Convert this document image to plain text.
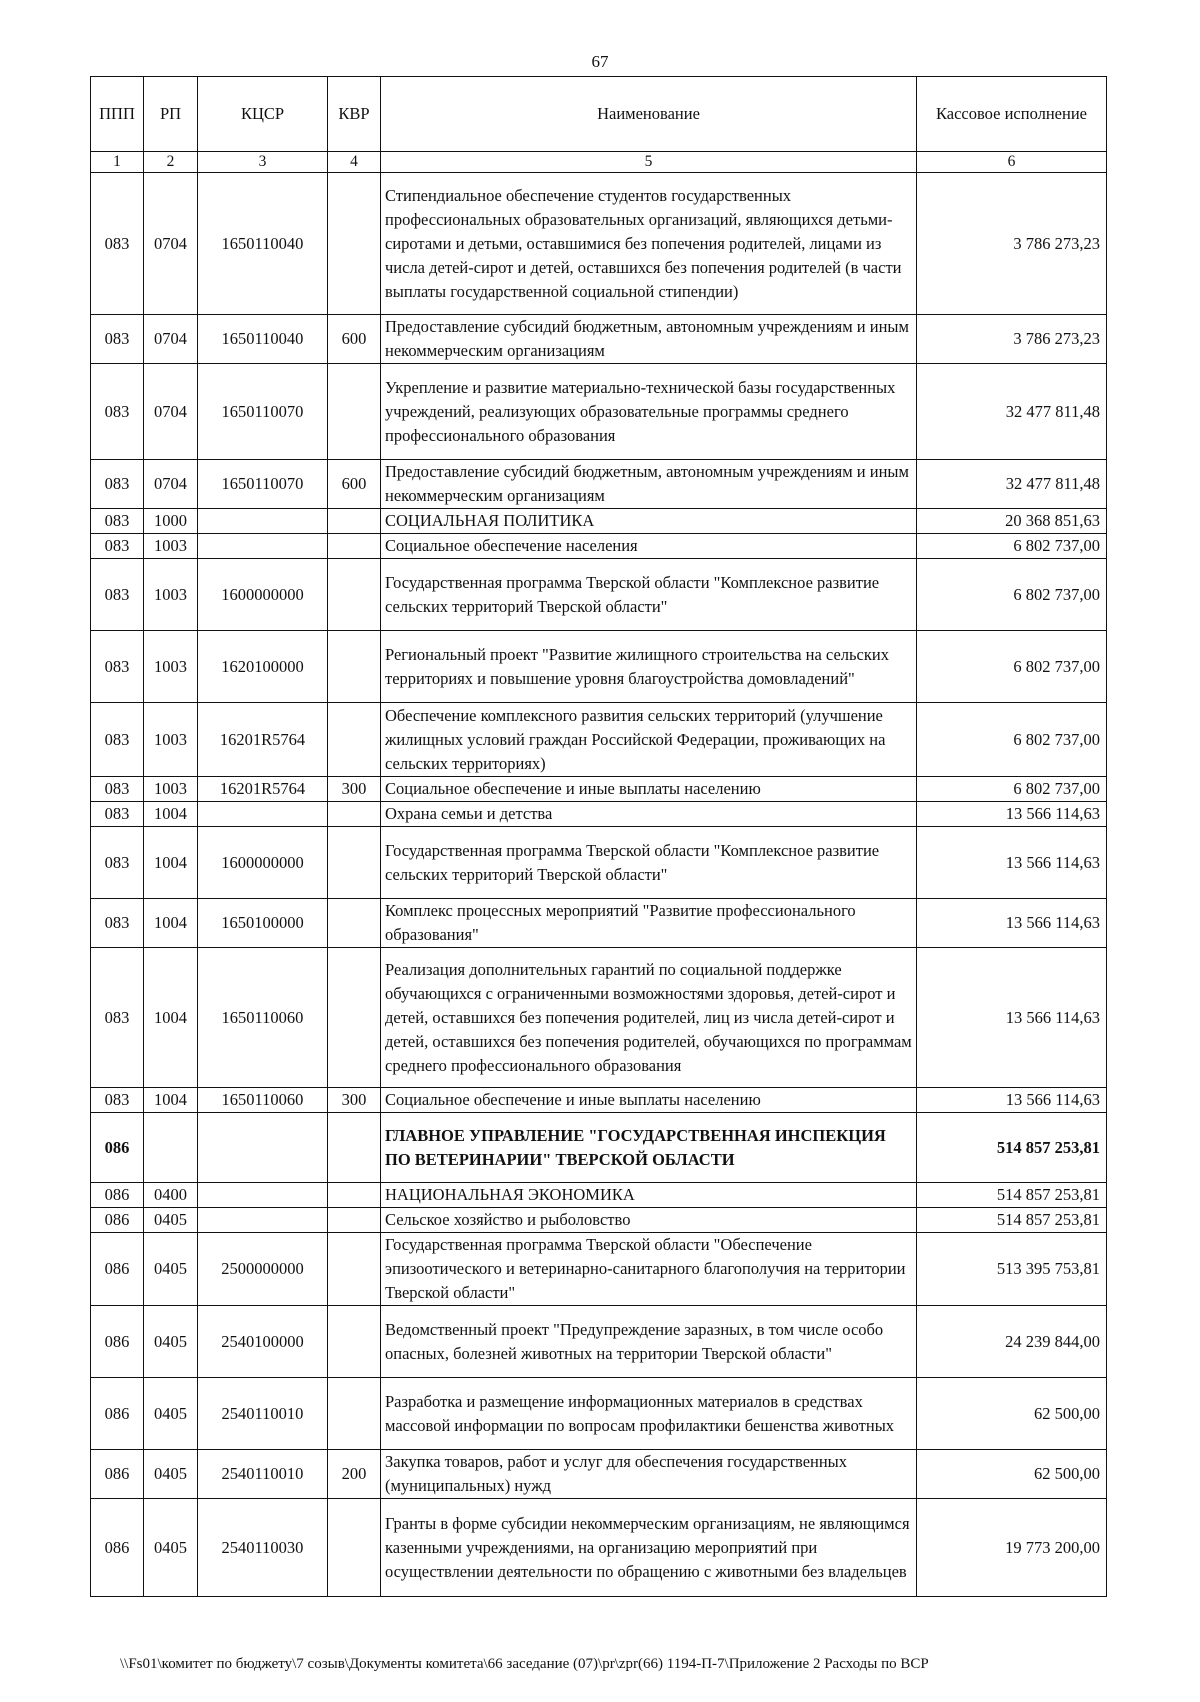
67
ППП	РП	КЦСР	КВР	Наименование	Кассовое исполнение
1	2	3	4	5	6
083	0704	1650110040		Стипендиальное обеспечение студентов государственных профессиональных образовательных организаций, являющихся детьми-сиротами и детьми, оставшимися без попечения родителей, лицами из числа детей-сирот и детей, оставшихся без попечения родителей (в части выплаты государственной социальной стипендии)	3 786 273,23
083	0704	1650110040	600	Предоставление субсидий бюджетным, автономным учреждениям и иным некоммерческим организациям	3 786 273,23
083	0704	1650110070		Укрепление и развитие материально-технической базы государственных учреждений, реализующих образовательные программы среднего профессионального образования	32 477 811,48
083	0704	1650110070	600	Предоставление субсидий бюджетным, автономным учреждениям и иным некоммерческим организациям	32 477 811,48
083	1000			СОЦИАЛЬНАЯ ПОЛИТИКА	20 368 851,63
083	1003			Социальное обеспечение населения	6 802 737,00
083	1003	1600000000		Государственная программа Тверской области "Комплексное развитие сельских территорий Тверской области"	6 802 737,00
083	1003	1620100000		Региональный проект "Развитие жилищного строительства на сельских территориях и повышение уровня благоустройства домовладений"	6 802 737,00
083	1003	16201R5764		Обеспечение комплексного развития сельских территорий (улучшение жилищных условий граждан Российской Федерации, проживающих на сельских территориях)	6 802 737,00
083	1003	16201R5764	300	Социальное обеспечение и иные выплаты населению	6 802 737,00
083	1004			Охрана семьи и детства	13 566 114,63
083	1004	1600000000		Государственная программа Тверской области "Комплексное развитие сельских территорий Тверской области"	13 566 114,63
083	1004	1650100000		Комплекс процессных мероприятий "Развитие профессионального образования"	13 566 114,63
083	1004	1650110060		Реализация дополнительных гарантий по социальной поддержке обучающихся с ограниченными возможностями здоровья, детей-сирот и детей, оставшихся без попечения родителей, лиц из числа детей-сирот и детей, оставшихся без попечения родителей, обучающихся по программам среднего профессионального образования	13 566 114,63
083	1004	1650110060	300	Социальное обеспечение и иные выплаты населению	13 566 114,63
086				ГЛАВНОЕ УПРАВЛЕНИЕ "ГОСУДАРСТВЕННАЯ ИНСПЕКЦИЯ ПО ВЕТЕРИНАРИИ" ТВЕРСКОЙ ОБЛАСТИ	514 857 253,81
086	0400			НАЦИОНАЛЬНАЯ ЭКОНОМИКА	514 857 253,81
086	0405			Сельское хозяйство и рыболовство	514 857 253,81
086	0405	2500000000		Государственная программа Тверской области "Обеспечение эпизоотического и ветеринарно-санитарного благополучия на территории Тверской области"	513 395 753,81
086	0405	2540100000		Ведомственный проект "Предупреждение заразных, в том числе особо опасных, болезней животных на территории Тверской области"	24 239 844,00
086	0405	2540110010		Разработка и размещение информационных материалов в средствах массовой информации по вопросам профилактики бешенства животных	62 500,00
086	0405	2540110010	200	Закупка товаров, работ и услуг для обеспечения государственных (муниципальных) нужд	62 500,00
086	0405	2540110030		Гранты в форме субсидии некоммерческим организациям, не являющимся казенными учреждениями, на организацию мероприятий при осуществлении деятельности по обращению с животными без владельцев	19 773 200,00
\\Fs01\комитет по бюджету\7 созыв\Документы комитета\66 заседание (07)\pr\zpr(66) 1194-П-7\Приложение 2 Расходы по ВСР
